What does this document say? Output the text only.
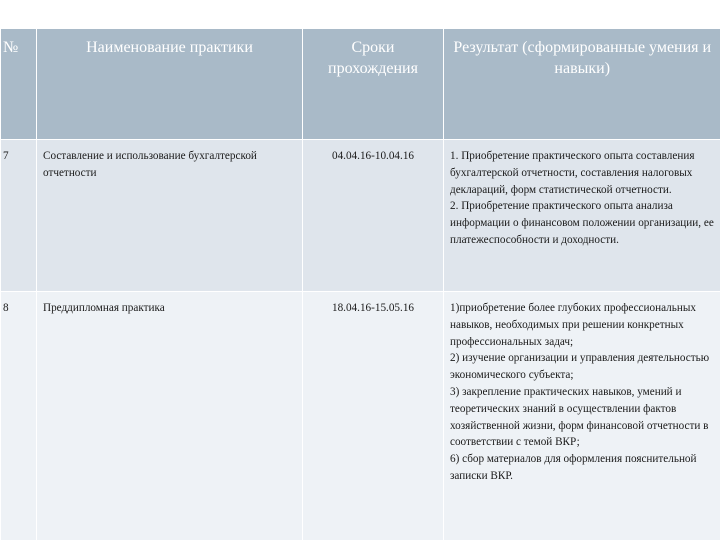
№	Наименование практики	Сроки прохождения	Результат (сформированные умения и навыки)

7	Составление и использование бухгалтерской отчетности	04.04.16-10.04.16	1. Приобретение практического опыта составления бухгалтерской отчетности, составления налоговых деклараций, форм статистической отчетности.
2. Приобретение практического опыта анализа информации о финансовом положении организации, ее платежеспособности и доходности.

8	Преддипломная практика	18.04.16-15.05.16	1)приобретение более глубоких профессиональных навыков, необходимых при решении конкретных профессиональных задач;
2) изучение организации и управления деятельностью экономического субъекта;
3) закрепление практических навыков, умений и теоретических знаний в осуществлении фактов хозяйственной жизни, форм финансовой отчетности в соответствии с темой ВКР;
6) сбор материалов для оформления пояснительной записки ВКР.
